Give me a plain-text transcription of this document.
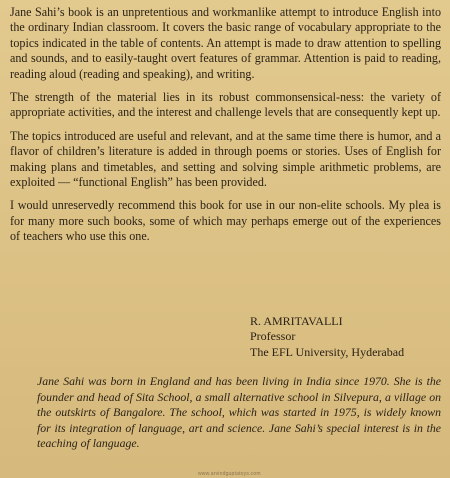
Jane Sahi’s book is an unpretentious and workmanlike attempt to introduce English into the ordinary Indian classroom. It covers the basic range of vocabulary appropriate to the topics indicated in the table of contents. An attempt is made to draw attention to spelling and sounds, and to easily-taught overt features of grammar. Attention is paid to reading, reading aloud (reading and speaking), and writing.

The strength of the material lies in its robust commonsensical-ness: the variety of appropriate activities, and the interest and challenge levels that are consequently kept up.

The topics introduced are useful and relevant, and at the same time there is humor, and a flavor of children’s literature is added in through poems or stories. Uses of English for making plans and timetables, and setting and solving simple arithmetic problems, are exploited — “functional English” has been provided.

I would unreservedly recommend this book for use in our non-elite schools. My plea is for many more such books, some of which may perhaps emerge out of the experiences of teachers who use this one.

R. AMRITAVALLI
Professor
The EFL University, Hyderabad

Jane Sahi was born in England and has been living in India since 1970. She is the founder and head of Sita School, a small alternative school in Silvepura, a village on the outskirts of Bangalore. The school, which was started in 1975, is widely known for its integration of language, art and science. Jane Sahi’s special interest is in the teaching of language.

www.arvindguptatoys.com
